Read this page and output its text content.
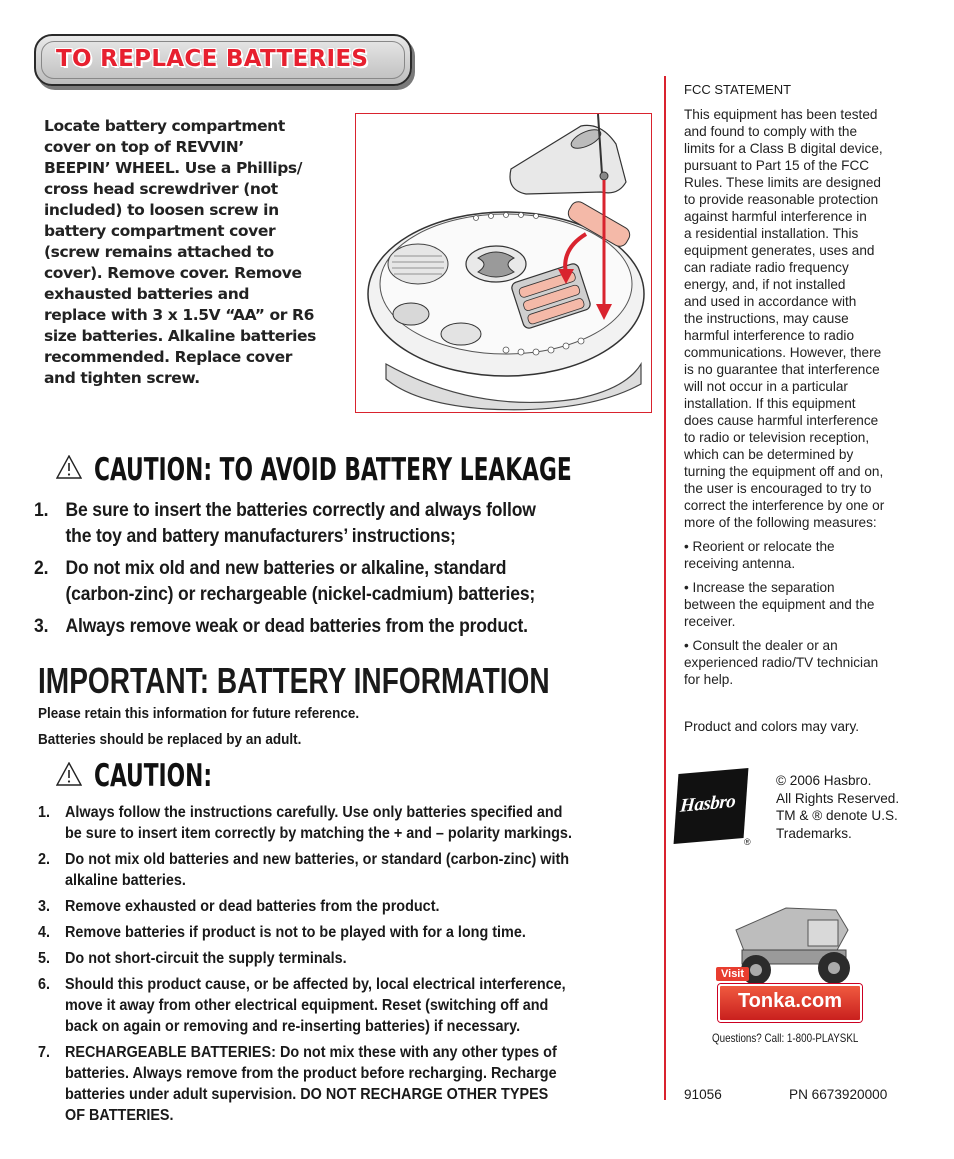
TO REPLACE BATTERIES
Locate battery compartment
cover on top of REVVIN’
BEEPIN’ WHEEL. Use a Phillips/
cross head screwdriver (not
included) to loosen screw in
battery compartment cover
(screw remains attached to
cover). Remove cover. Remove
exhausted batteries and
replace with 3 x 1.5V “AA” or R6
size batteries. Alkaline batteries
recommended. Replace cover
and tighten screw.
CAUTION: TO AVOID BATTERY LEAKAGE
1. Be sure to insert the batteries correctly and always follow
the toy and battery manufacturers’ instructions;
2. Do not mix old and new batteries or alkaline, standard
(carbon-zinc) or rechargeable (nickel-cadmium) batteries;
3. Always remove weak or dead batteries from the product.
IMPORTANT: BATTERY INFORMATION
Please retain this information for future reference.
Batteries should be replaced by an adult.
CAUTION:
1. Always follow the instructions carefully. Use only batteries specified and
be sure to insert item correctly by matching the + and – polarity markings.
2. Do not mix old batteries and new batteries, or standard (carbon-zinc) with
alkaline batteries.
3. Remove exhausted or dead batteries from the product.
4. Remove batteries if product is not to be played with for a long time.
5. Do not short-circuit the supply terminals.
6. Should this product cause, or be affected by, local electrical interference,
move it away from other electrical equipment. Reset (switching off and
back on again or removing and re-inserting batteries) if necessary.
7. RECHARGEABLE BATTERIES: Do not mix these with any other types of
batteries. Always remove from the product before recharging. Recharge
batteries under adult supervision. DO NOT RECHARGE OTHER TYPES
OF BATTERIES.
FCC STATEMENT
This equipment has been tested
and found to comply with the
limits for a Class B digital device,
pursuant to Part 15 of the FCC
Rules. These limits are designed
to provide reasonable protection
against harmful interference in
a residential installation. This
equipment generates, uses and
can radiate radio frequency
energy, and, if not installed
and used in accordance with
the instructions, may cause
harmful interference to radio
communications. However, there
is no guarantee that interference
will not occur in a particular
installation. If this equipment
does cause harmful interference
to radio or television reception,
which can be determined by
turning the equipment off and on,
the user is encouraged to try to
correct the interference by one or
more of the following measures:
• Reorient or relocate the
receiving antenna.
• Increase the separation
between the equipment and the
receiver.
• Consult the dealer or an
experienced radio/TV technician
for help.
Product and colors may vary.
Hasbro
®
© 2006 Hasbro.
All Rights Reserved.
TM & ® denote U.S.
Trademarks.
Visit
Tonka.com
Questions? Call: 1-800-PLAYSKL
91056	PN 6673920000
